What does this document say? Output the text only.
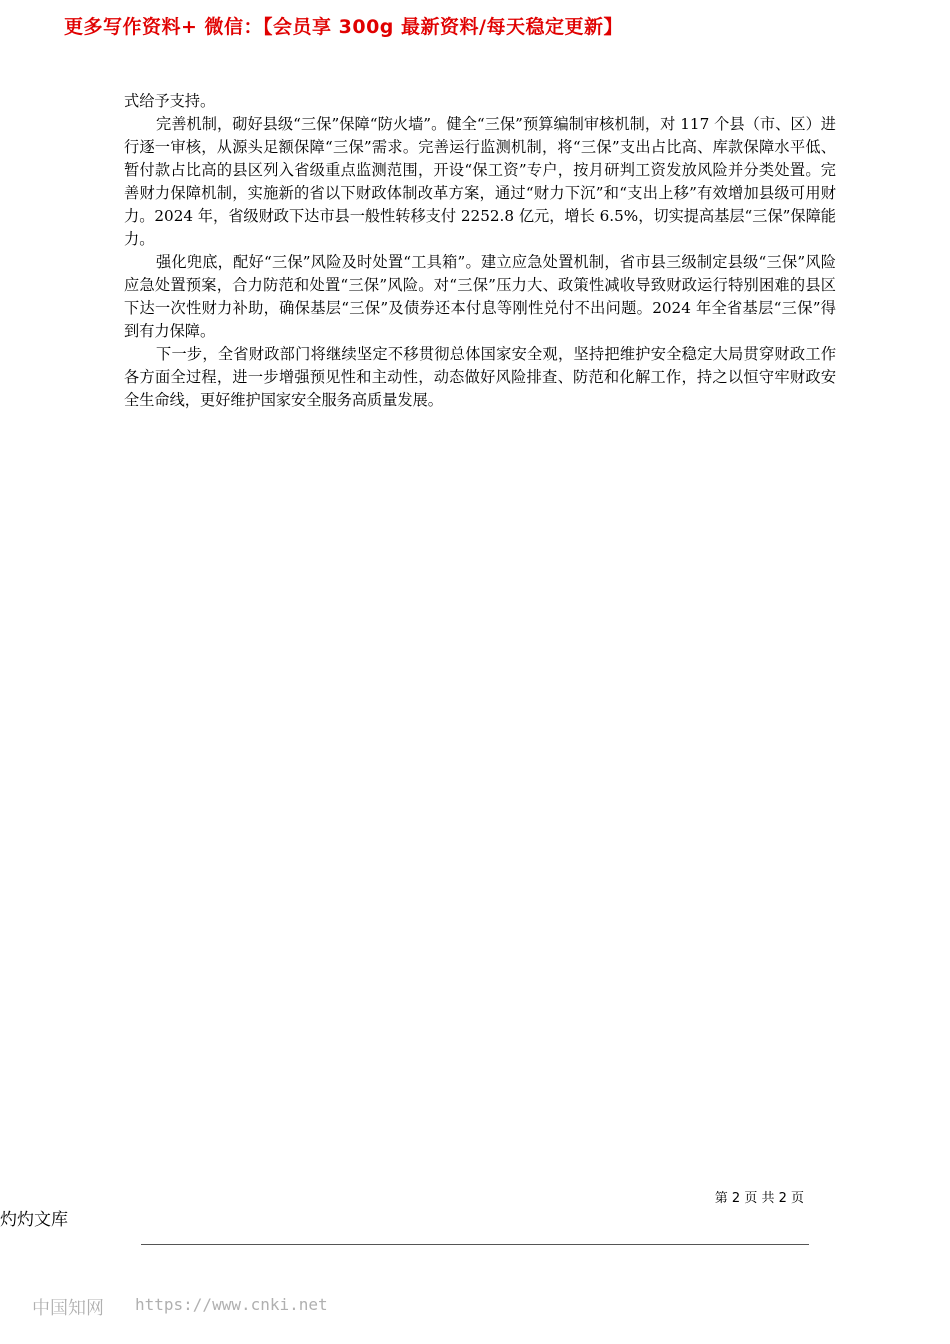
更多写作资料+ 微信：【会员享 300g 最新资料/每天稳定更新】

式给予支持。

完善机制，砌好县级“三保”保障“防火墙”。健全“三保”预算编制审核机制，对 117 个县（市、区）进行逐一审核，从源头足额保障“三保”需求。完善运行监测机制，将“三保”支出占比高、库款保障水平低、暂付款占比高的县区列入省级重点监测范围，开设“保工资”专户，按月研判工资发放风险并分类处置。完善财力保障机制，实施新的省以下财政体制改革方案，通过“财力下沉”和“支出上移”有效增加县级可用财力。2024 年，省级财政下达市县一般性转移支付 2252.8 亿元，增长 6.5%，切实提高基层“三保”保障能力。

强化兜底，配好“三保”风险及时处置“工具箱”。建立应急处置机制，省市县三级制定县级“三保”风险应急处置预案，合力防范和处置“三保”风险。对“三保”压力大、政策性减收导致财政运行特别困难的县区下达一次性财力补助，确保基层“三保”及债券还本付息等刚性兑付不出问题。2024 年全省基层“三保”得到有力保障。

下一步，全省财政部门将继续坚定不移贯彻总体国家安全观，坚持把维护安全稳定大局贯穿财政工作各方面全过程，进一步增强预见性和主动性，动态做好风险排查、防范和化解工作，持之以恒守牢财政安全生命线，更好维护国家安全服务高质量发展。

第 2 页 共 2 页
灼灼文库
中国知网 https://www.cnki.net
